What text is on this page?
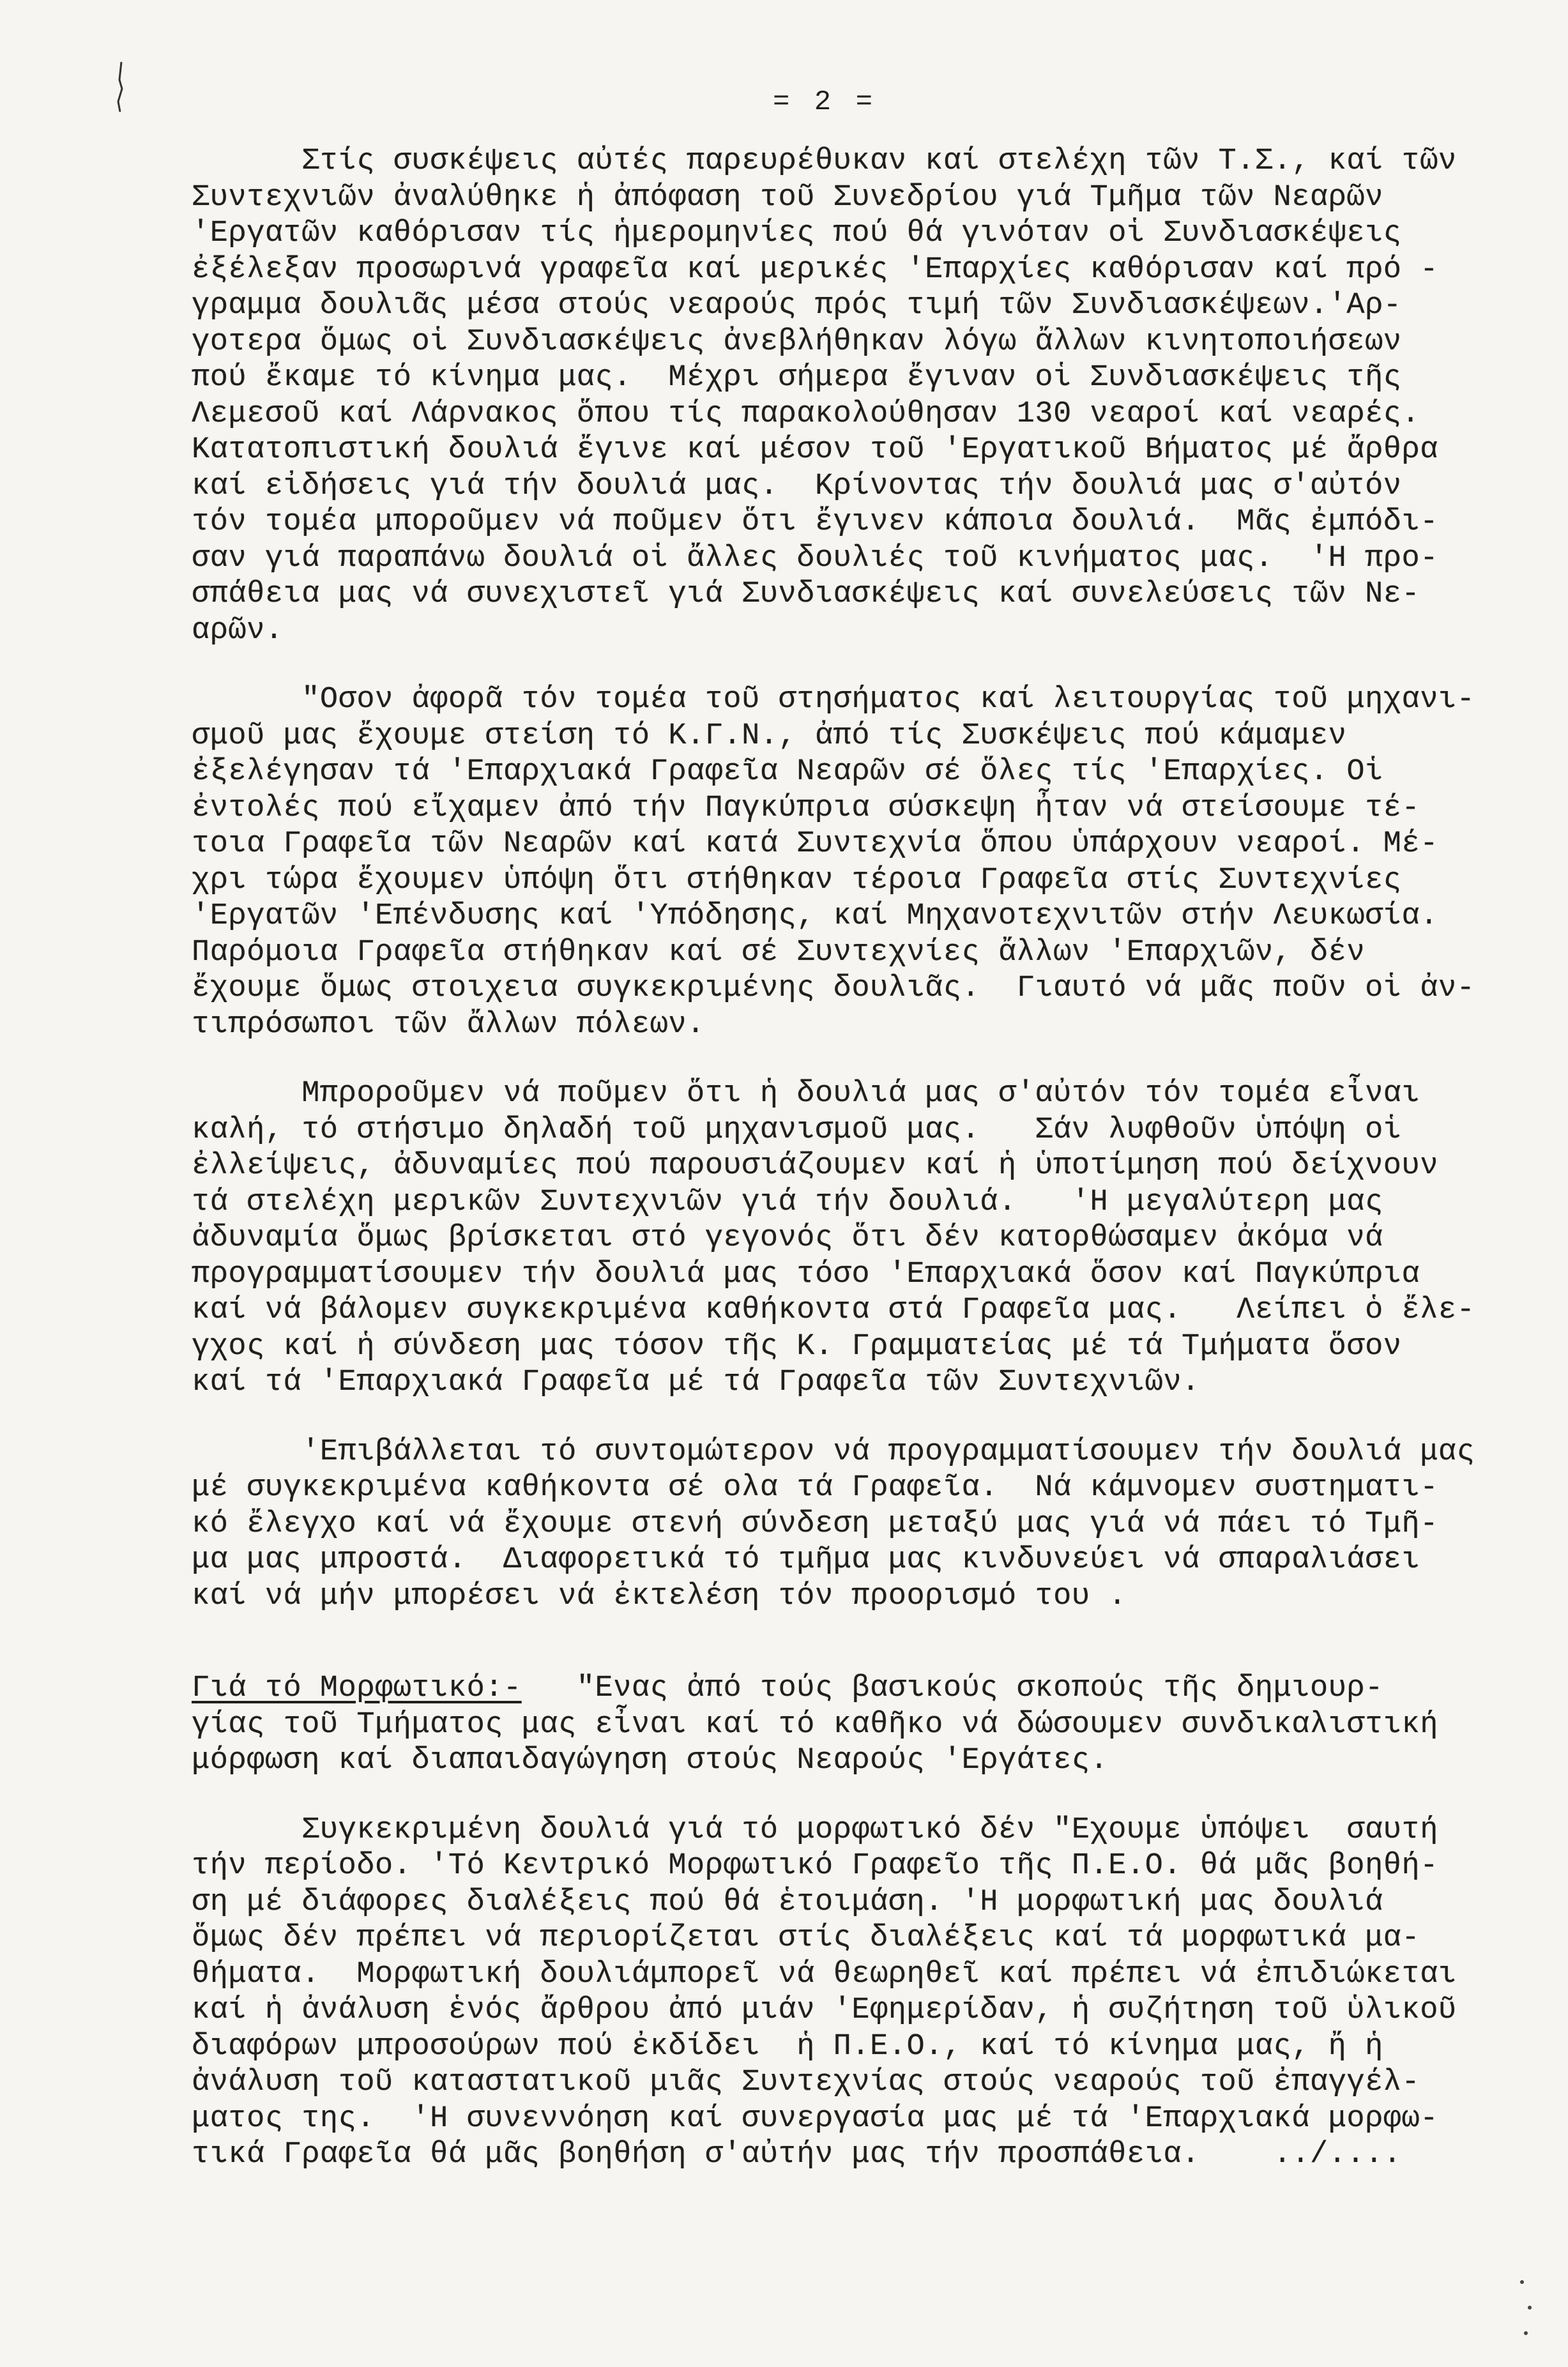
= 2 =

Στίς συσκέψεις αὐτές παρευρέθυκαν καί στελέχη τῶν Τ.Σ., καί τῶν
Συντεχνιῶν ἀναλύθηκε ἡ ἀπόφαση τοῦ Συνεδρίου γιά Τμῆμα τῶν Νεαρῶν
'Εργατῶν καθόρισαν τίς ἡμερομηνίες πού θά γινόταν οἱ Συνδιασκέψεις
ἐξέλεξαν προσωρινά γραφεῖα καί μερικές 'Επαρχίες καθόρισαν καί πρό -
γραμμα δουλιᾶς μέσα στούς νεαρούς πρός τιμή τῶν Συνδιασκέψεων.'Αρ-
γοτερα ὅμως οἱ Συνδιασκέψεις ἀνεβλήθηκαν λόγω ἄλλων κινητοποιήσεων
πού ἔκαμε τό κίνημα μας.  Μέχρι σήμερα ἔγιναν οἱ Συνδιασκέψεις τῆς
Λεμεσοῦ καί Λάρνακος ὅπου τίς παρακολούθησαν 130 νεαροί καί νεαρές.
Κατατοπιστική δουλιά ἔγινε καί μέσον τοῦ 'Εργατικοῦ Βήματος μέ ἄρθρα
καί εἰδήσεις γιά τήν δουλιά μας.  Κρίνοντας τήν δουλιά μας σ'αὐτόν
τόν τομέα μποροῦμεν νά ποῦμεν ὅτι ἔγινεν κάποια δουλιά.  Μᾶς ἐμπόδι-
σαν γιά παραπάνω δουλιά οἱ ἄλλες δουλιές τοῦ κινήματος μας.  'Η προ-
σπάθεια μας νά συνεχιστεῖ γιά Συνδιασκέψεις καί συνελεύσεις τῶν Νε-
αρῶν.

"Οσον ἀφορᾶ τόν τομέα τοῦ στησήματος καί λειτουργίας τοῦ μηχανι-
σμοῦ μας ἔχουμε στείση τό Κ.Γ.Ν., ἀπό τίς Συσκέψεις πού κάμαμεν
ἐξελέγησαν τά 'Επαρχιακά Γραφεῖα Νεαρῶν σέ ὅλες τίς 'Επαρχίες. Οἱ
ἐντολές πού εἴχαμεν ἀπό τήν Παγκύπρια σύσκεψη ἦταν νά στείσουμε τέ-
τοια Γραφεῖα τῶν Νεαρῶν καί κατά Συντεχνία ὅπου ὑπάρχουν νεαροί. Μέ-
χρι τώρα ἔχουμεν ὑπόψη ὅτι στήθηκαν τέροια Γραφεῖα στίς Συντεχνίες
'Εργατῶν 'Επένδυσης καί 'Υπόδησης, καί Μηχανοτεχνιτῶν στήν Λευκωσία.
Παρόμοια Γραφεῖα στήθηκαν καί σέ Συντεχνίες ἄλλων 'Επαρχιῶν, δέν
ἔχουμε ὅμως στοιχεια συγκεκριμένης δουλιᾶς.  Γιαυτό νά μᾶς ποῦν οἱ ἀν-
τιπρόσωποι τῶν ἄλλων πόλεων.

Μπροροῦμεν νά ποῦμεν ὅτι ἡ δουλιά μας σ'αὐτόν τόν τομέα εἶναι
καλή, τό στήσιμο δηλαδή τοῦ μηχανισμοῦ μας.   Σάν λυφθοῦν ὑπόψη οἱ
ἐλλείψεις, ἀδυναμίες πού παρουσιάζουμεν καί ἡ ὑποτίμηση πού δείχνουν
τά στελέχη μερικῶν Συντεχνιῶν γιά τήν δουλιά.   'Η μεγαλύτερη μας
ἀδυναμία ὅμως βρίσκεται στό γεγονός ὅτι δέν κατορθώσαμεν ἀκόμα νά
προγραμματίσουμεν τήν δουλιά μας τόσο 'Επαρχιακά ὅσον καί Παγκύπρια
καί νά βάλομεν συγκεκριμένα καθήκοντα στά Γραφεῖα μας.   Λείπει ὁ ἔλε-
γχος καί ἡ σύνδεση μας τόσον τῆς Κ. Γραμματείας μέ τά Τμήματα ὅσον
καί τά 'Επαρχιακά Γραφεῖα μέ τά Γραφεῖα τῶν Συντεχνιῶν.

'Επιβάλλεται τό συντομώτερον νά προγραμματίσουμεν τήν δουλιά μας
μέ συγκεκριμένα καθήκοντα σέ ολα τά Γραφεῖα.  Νά κάμνομεν συστηματι-
κό ἔλεγχο καί νά ἔχουμε στενή σύνδεση μεταξύ μας γιά νά πάει τό Τμῆ-
μα μας μπροστά.  Διαφορετικά τό τμῆμα μας κινδυνεύει νά σπαραλιάσει
καί νά μήν μπορέσει νά ἐκτελέση τόν προορισμό του .

Γιά τό Μορφωτικό:-   "Ενας ἀπό τούς βασικούς σκοπούς τῆς δημιουρ-
γίας τοῦ Τμήματος μας εἶναι καί τό καθῆκο νά δώσουμεν συνδικαλιστική
μόρφωση καί διαπαιδαγώγηση στούς Νεαρούς 'Εργάτες.

Συγκεκριμένη δουλιά γιά τό μορφωτικό δέν "Εχουμε ὑπόψει  σαυτή
τήν περίοδο. 'Τό Κεντρικό Μορφωτικό Γραφεῖο τῆς Π.Ε.Ο. θά μᾶς βοηθή-
ση μέ διάφορες διαλέξεις πού θά ἑτοιμάση. 'Η μορφωτική μας δουλιά
ὅμως δέν πρέπει νά περιορίζεται στίς διαλέξεις καί τά μορφωτικά μα-
θήματα.  Μορφωτική δουλιάμπορεῖ νά θεωρηθεῖ καί πρέπει νά ἐπιδιώκεται
καί ἡ ἀνάλυση ἑνός ἄρθρου ἀπό μιάν 'Εφημερίδαν, ἡ συζήτηση τοῦ ὑλικοῦ
διαφόρων μπροσούρων πού ἐκδίδει  ἡ Π.Ε.Ο., καί τό κίνημα μας, ἤ ἡ
ἀνάλυση τοῦ καταστατικοῦ μιᾶς Συντεχνίας στούς νεαρούς τοῦ ἐπαγγέλ-
ματος της.  'Η συνεννόηση καί συνεργασία μας μέ τά 'Επαρχιακά μορφω-
τικά Γραφεῖα θά μᾶς βοηθήση σ'αὐτήν μας τήν προσπάθεια.    ../....
